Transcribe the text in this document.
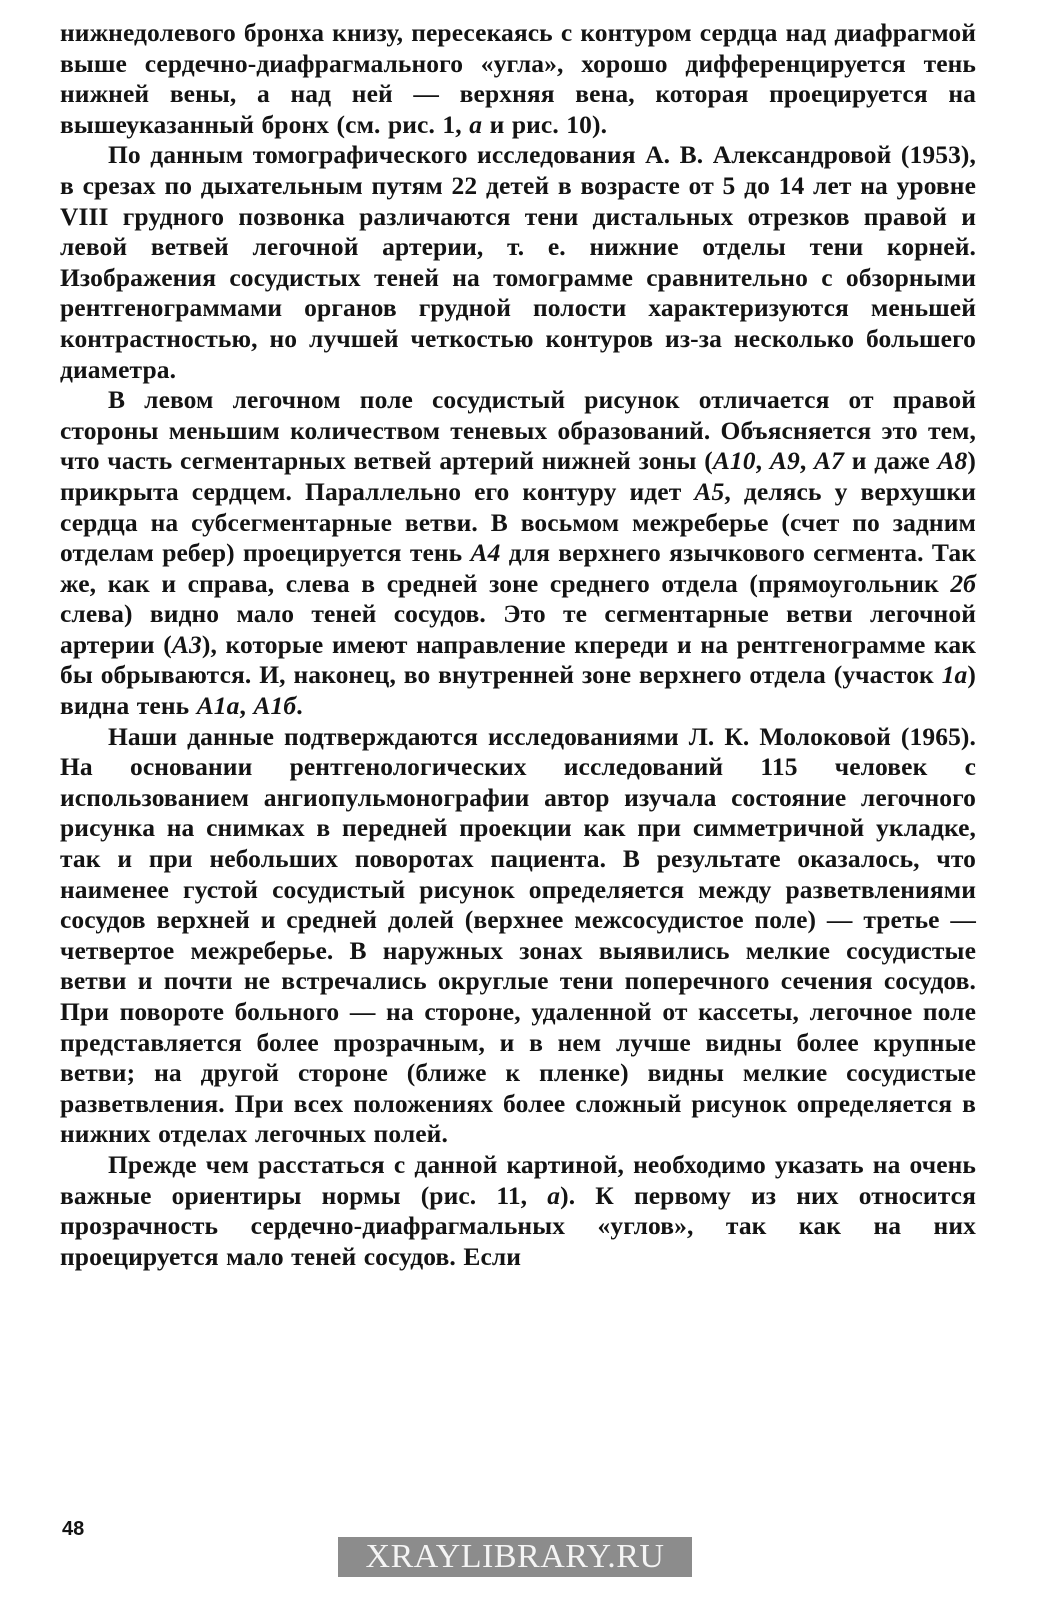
нижнедолевого бронха книзу, пересекаясь с контуром сердца над диафрагмой выше сердечно-диафрагмального «угла», хорошо дифференцируется тень нижней вены, а над ней — верхняя вена, которая проецируется на вышеуказанный бронх (см. рис. 1, а и рис. 10).

По данным томографического исследования А. В. Александровой (1953), в срезах по дыхательным путям 22 детей в возрасте от 5 до 14 лет на уровне VIII грудного позвонка различаются тени дистальных отрезков правой и левой ветвей легочной артерии, т. е. нижние отделы тени корней. Изображения сосудистых теней на томограмме сравнительно с обзорными рентгенограммами органов грудной полости характеризуются меньшей контрастностью, но лучшей четкостью контуров из-за несколько большего диаметра.

В левом легочном поле сосудистый рисунок отличается от правой стороны меньшим количеством теневых образований. Объясняется это тем, что часть сегментарных ветвей артерий нижней зоны (А10, А9, А7 и даже А8) прикрыта сердцем. Параллельно его контуру идет А5, делясь у верхушки сердца на субсегментарные ветви. В восьмом межреберье (счет по задним отделам ребер) проецируется тень А4 для верхнего язычкового сегмента. Так же, как и справа, слева в средней зоне среднего отдела (прямоугольник 2б слева) видно мало теней сосудов. Это те сегментарные ветви легочной артерии (А3), которые имеют направление кпереди и на рентгенограмме как бы обрываются. И, наконец, во внутренней зоне верхнего отдела (участок 1а) видна тень А1а, А1б.

Наши данные подтверждаются исследованиями Л. К. Молоковой (1965). На основании рентгенологических исследований 115 человек с использованием ангиопульмонографии автор изучала состояние легочного рисунка на снимках в передней проекции как при симметричной укладке, так и при небольших поворотах пациента. В результате оказалось, что наименее густой сосудистый рисунок определяется между разветвлениями сосудов верхней и средней долей (верхнее межсосудистое поле) — третье — четвертое межреберье. В наружных зонах выявились мелкие сосудистые ветви и почти не встречались округлые тени поперечного сечения сосудов. При повороте больного — на стороне, удаленной от кассеты, легочное поле представляется более прозрачным, и в нем лучше видны более крупные ветви; на другой стороне (ближе к пленке) видны мелкие сосудистые разветвления. При всех положениях более сложный рисунок определяется в нижних отделах легочных полей.

Прежде чем расстаться с данной картиной, необходимо указать на очень важные ориентиры нормы (рис. 11, а). К первому из них относится прозрачность сердечно-диафрагмальных «углов», так как на них проецируется мало теней сосудов. Если

48
XRAYLIBRARY.RU
